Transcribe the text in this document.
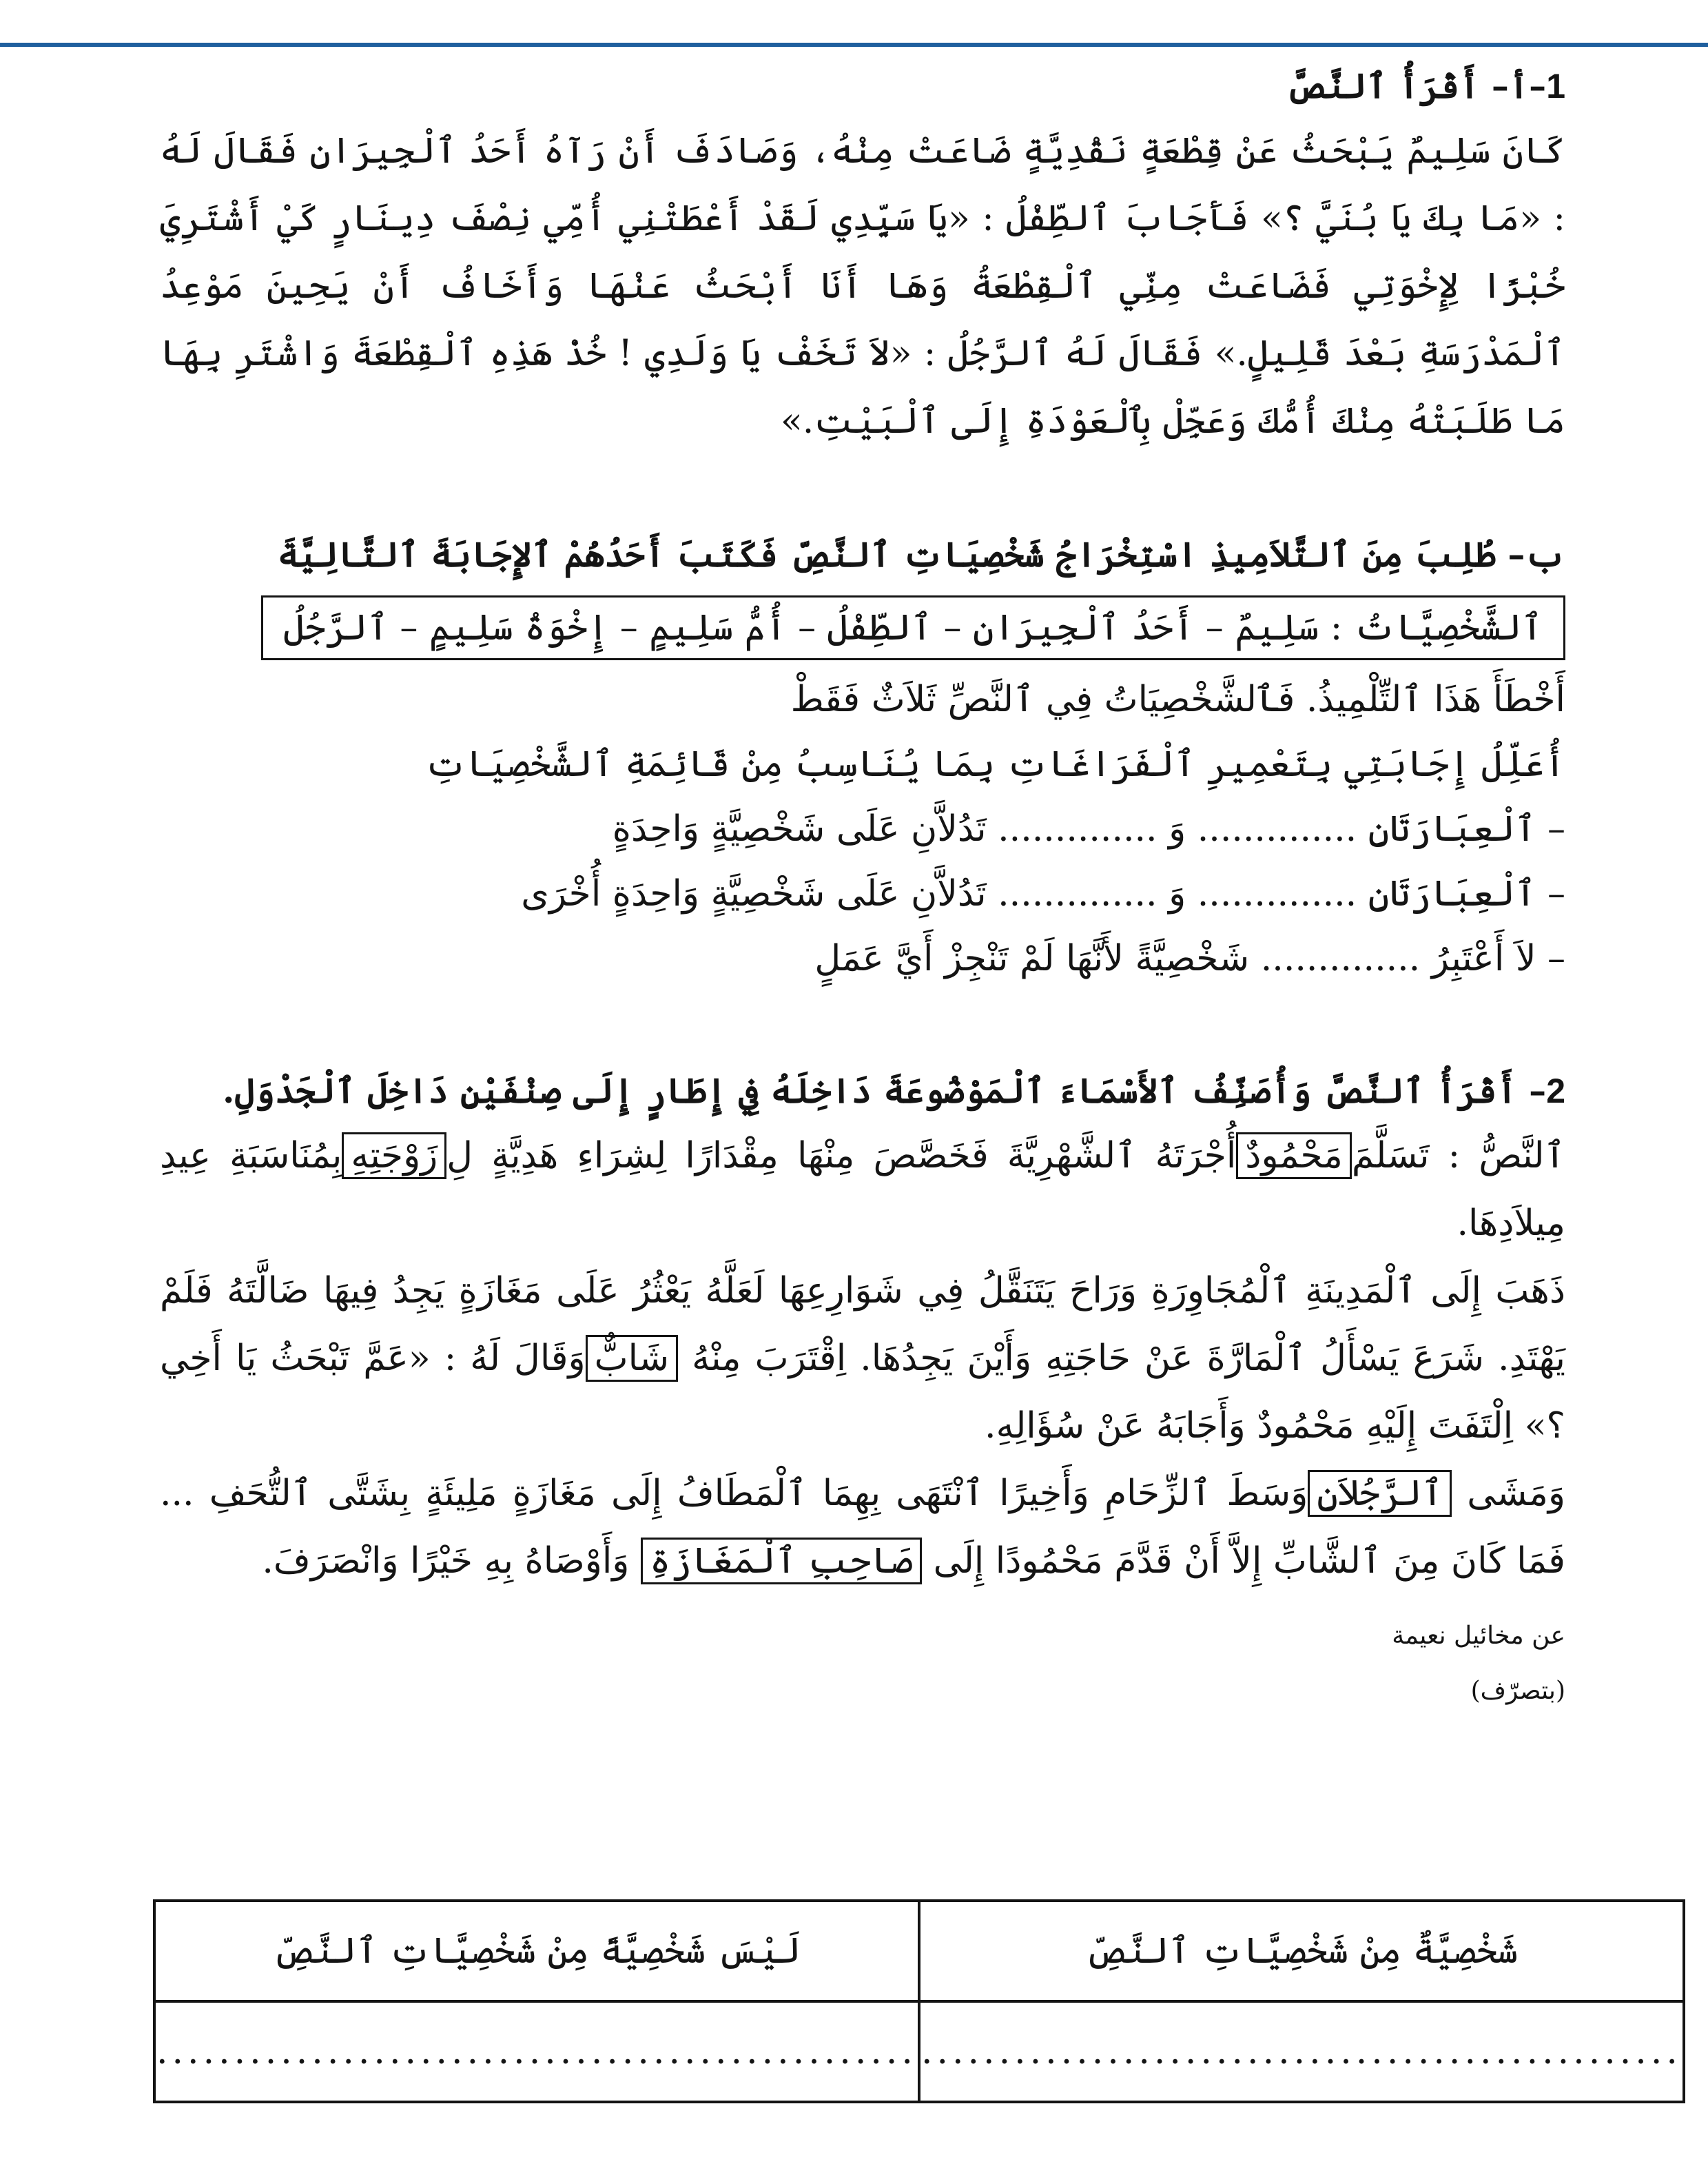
1–أ– أَقْرَأُ ٱلنَّصَّ

كَانَ سَلِيمٌ يَبْحَثُ عَنْ قِطْعَةٍ نَقْدِيَّةٍ ضَاعَتْ مِنْهُ، وَصَادَفَ أَنْ رَآهُ أَحَدُ ٱلْجِيرَانِ فَقَالَ لَهُ : «مَا بِكَ يَا بُنَيَّ ؟» فَأَجَابَ ٱلطِّفْلُ : «يَا سَيِّدِي لَقَدْ أَعْطَتْنِي أُمِّي نِصْفَ دِينَارٍ كَيْ أَشْتَرِيَ خُبْزًا لِإِخْوَتِي فَضَاعَتْ مِنِّي ٱلْقِطْعَةُ وَهَا أَنَا أَبْحَثُ عَنْهَا وَأَخَافُ أَنْ يَحِينَ مَوْعِدُ ٱلْمَدْرَسَةِ بَعْدَ قَلِيلٍ.» فَقَالَ لَهُ ٱلرَّجُلُ : «لاَ تَخَفْ يَا وَلَدِي ! خُذْ هَذِهِ ٱلْقِطْعَةَ وَاشْتَرِ بِهَا مَا طَلَبَتْهُ مِنْكَ أُمُّكَ وَعَجِّلْ بِٱلْعَوْدَةِ إِلَى ٱلْبَيْتِ.»

ب– طُلِبَ مِنَ ٱلتَّلاَمِيذِ اسْتِخْرَاجُ شَخْصِيَاتِ ٱلنَّصِّ فَكَتَبَ أَحَدُهُمْ ٱلإِجَابَةَ ٱلتَّالِيَّةَ

ٱلشَّخْصِيَّاتُ : سَلِيمٌ – أَحَدُ ٱلْجِيرَانِ – ٱلطِّفْلُ – أُمُّ سَلِيمٍ – إِخْوَةُ سَلِيمٍ – ٱلرَّجُلُ

أَخْطَأَ هَذَا ٱلتِّلْمِيذُ. فَٱلشَّخْصِيَاتُ فِي ٱلنَّصِّ ثَلاَثٌ فَقَطْ

أُعَلِّلُ إِجَابَتِي بِتَعْمِيرِ ٱلْفَرَاغَاتِ بِمَا يُنَاسِبُ مِنْ قَائِمَةِ ٱلشَّخْصِيَاتِ

– ٱلْعِبَارَتَانِ .............. وَ .............. تَدُلاَّنِ عَلَى شَخْصِيَّةٍ وَاحِدَةٍ

– ٱلْعِبَارَتَانِ .............. وَ .............. تَدُلاَّنِ عَلَى شَخْصِيَّةٍ وَاحِدَةٍ أُخْرَى

– لاَ أَعْتَبِرُ .............. شَخْصِيَّةً لأَنَّهَا لَمْ تَنْجِزْ أَيَّ عَمَلٍ

2– أَقْرَأُ ٱلنَّصَّ وَأُصَنِّفُ ٱلأَسْمَاءَ ٱلْمَوْضُوعَةَ دَاخِلَهُ فِي إِطَارٍ إِلَى صِنْفَيْنِ دَاخِلَ ٱلْجَدْوَلِ.

ٱلنَّصُّ : تَسَلَّمَمَحْمُودٌأُجْرَتَهُ ٱلشَّهْرِيَّةَ فَخَصَّصَ مِنْهَا مِقْدَارًا لِشِرَاءِ هَدِيَّةٍ لِزَوْجَتِهِبِمُنَاسَبَةِ عِيدِ مِيلاَدِهَا.

ذَهَبَ إِلَى ٱلْمَدِينَةِ ٱلْمُجَاوِرَةِ وَرَاحَ يَتَنَقَّلُ فِي شَوَارِعِهَا لَعَلَّهُ يَعْثُرُ عَلَى مَغَازَةٍ يَجِدُ فِيهَا ضَالَّتَهُ فَلَمْ يَهْتَدِ. شَرَعَ يَسْأَلُ ٱلْمَارَّةَ عَنْ حَاجَتِهِ وَأَيْنَ يَجِدُهَا. اِقْتَرَبَ مِنْهُ شَابٌّوَقَالَ لَهُ : «عَمَّ تَبْحَثُ يَا أَخِي ؟» اِلْتَفَتَ إِلَيْهِ مَحْمُودٌ وَأَجَابَهُ عَنْ سُؤَالِهِ.

وَمَشَى ٱلرَّجُلاَنِوَسَطَ ٱلزِّحَامِ وَأَخِيرًا ٱنْتَهَى بِهِمَا ٱلْمَطَافُ إِلَى مَغَازَةٍ مَلِيئَةٍ بِشَتَّى ٱلتُّحَفِ ... فَمَا كَانَ مِنَ ٱلشَّابِّ إِلاَّ أَنْ قَدَّمَ مَحْمُودًا إِلَى صَاحِبِ ٱلْمَغَازَةِ وَأَوْصَاهُ بِهِ خَيْرًا وَانْصَرَفَ.

عن مخائيل نعيمة

(بتصرّف)

شَخْصِيَّةٌ مِنْ شَخْصِيَّاتِ ٱلنَّصِّ	لَيْسَ شَخْصِيَّةً مِنْ شَخْصِيَّاتِ ٱلنَّصِّ
.................................................	.................................................
